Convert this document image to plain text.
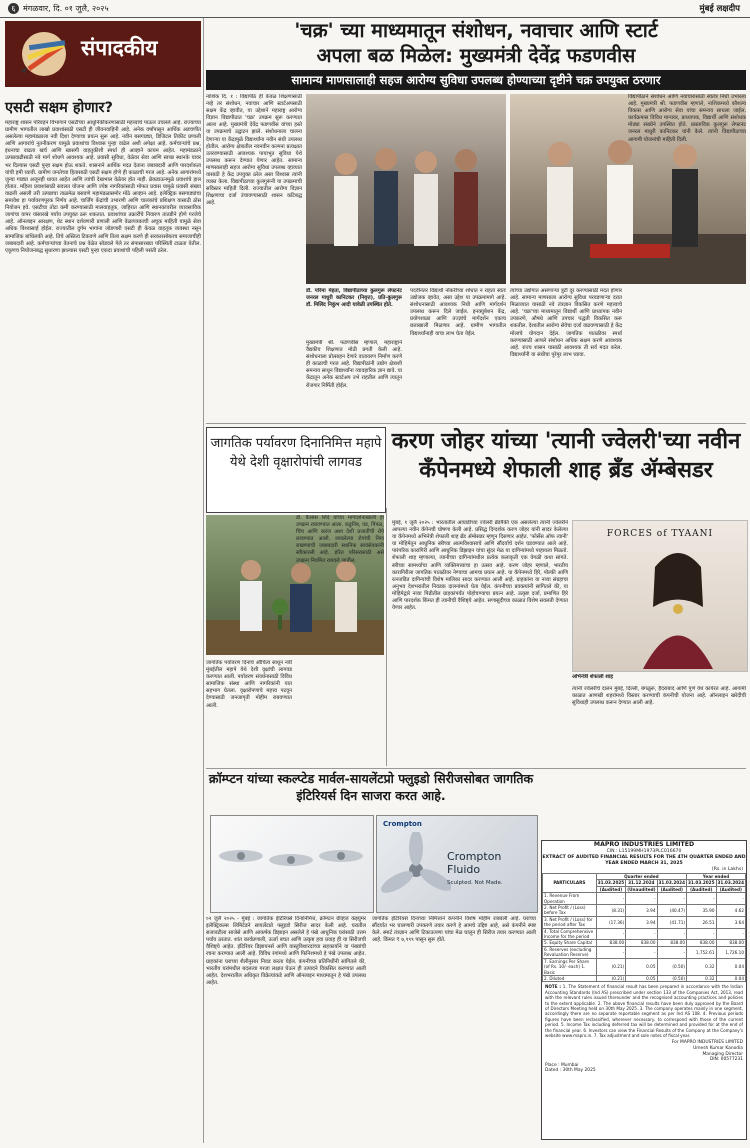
६ मंगळवार, दि. ०१ जुलै, २०२५	मुंबई लक्षदीप
संपादकीय
एसटी सक्षम होणार?
महाराष्ट्र शासन परिवहन विभागाने एसटीच्या आधुनिकीकरणासाठी महत्त्वाचे पाऊल उचलले आहे. राज्याच्या ग्रामीण भागातील लाखो प्रवाशांसाठी एसटी ही जीवनवाहिनी आहे. अनेक वर्षांपासून आर्थिक अडचणीत असलेल्या महामंडळाला नवी दिशा देण्याचा प्रयत्न सुरू आहे. नवीन बसगाड्या, डिजिटल तिकीट प्रणाली आणि आगारांचे नूतनीकरण यामुळे प्रवाशांचा विश्वास पुन्हा वाढेल अशी अपेक्षा आहे. कर्मचाऱ्यांचे प्रश्न, इंधनाचा वाढता खर्च आणि खासगी वाहतुकीशी स्पर्धा ही आव्हाने कायम आहेत. महामंडळाने उत्पन्नवाढीसाठी नवे मार्ग शोधणे आवश्यक आहे. प्रवासी सुविधा, वेळेवर सेवा आणि स्वच्छ स्थानके यावर भर दिल्यास एसटी पुन्हा सक्षम होऊ शकते. शासनाने आर्थिक मदत देताना जबाबदारी आणि पारदर्शकता यांची हमी घ्यावी. ग्रामीण जनतेच्या हितासाठी एसटी सक्षम होणे ही काळाची गरज आहे. अनेक आगारांमध्ये जुन्या गाड्या अजूनही धावत आहेत आणि त्यांची देखभाल वेळेवर होत नाही. ब्रेकडाऊनमुळे प्रवाशांचे हाल होतात. महिला प्रवाशांसाठी सवलत योजना आणि ज्येष्ठ नागरिकांसाठी मोफत प्रवास यामुळे प्रवासी संख्या वाढली असली तरी उत्पन्नाचा ताळमेळ बसवणे महामंडळासमोर मोठे आव्हान आहे. इलेक्ट्रिक बसगाड्यांचा समावेश हा पर्यावरणपूरक निर्णय आहे. चार्जिंग केंद्रांची उभारणी आणि चालकांचे प्रशिक्षण यासाठी ठोस नियोजन हवे. एसटीचा तोटा कमी करण्यासाठी मालवाहतूक, जाहिरात आणि स्थानकांवरील व्यावसायिक जागांचा वापर यांसारखे पर्याय उपयुक्त ठरू शकतात. प्रवाशांच्या तक्रारींचे निवारण तातडीने होणे गरजेचे आहे. ऑनलाइन आरक्षण, थेट स्थान दर्शवणारी प्रणाली आणि वेळापत्रकाची अचूक माहिती यामुळे सेवा अधिक विश्वासार्ह होईल. राज्यातील दुर्गम भागांना जोडणारी एसटी ही केवळ वाहतूक व्यवस्था नसून सामाजिक बांधिलकी आहे. तिचे अस्तित्व टिकवणे आणि तिला सक्षम करणे ही सरकारसोबतच समाजाचीही जबाबदारी आहे. कर्मचाऱ्यांच्या वेतनाचे प्रश्न वेळेत सोडवले गेले तर संपासारख्या परिस्थिती टाळता येतील. एकूणच नियोजनबद्ध सुधारणा झाल्यास एसटी पुन्हा एकदा प्रवाशांची पहिली पसंती ठरेल.
'चक्र' च्या माध्यमातून संशोधन, नवाचार आणि स्टार्ट
अपला बळ मिळेल: मुख्यमंत्री देवेंद्र फडणवीस
सामान्य माणसालाही सहज आरोग्य सुविधा उपलब्ध होण्याच्या दृष्टीने चक्र उपयुक्त ठरणार
नाशिक दि. १ : विद्यापीठे ही केवळ शिक्षणासाठी नव्हे तर संशोधन, नवाचार आणि स्टार्टअपसाठी सक्षम केंद्र व्हावीत, या उद्देशाने महाराष्ट्र आरोग्य विज्ञान विद्यापीठात 'चक्र' उपक्रम सुरू करण्यात आला आहे. मुख्यमंत्री देवेंद्र फडणवीस यांच्या हस्ते या उपक्रमाचे उद्घाटन झाले. संशोधनाला चालना देणाऱ्या या केंद्रामुळे विद्यार्थ्यांना नवीन संधी उपलब्ध होतील. आरोग्य क्षेत्रातील नवनवीन कल्पना प्रत्यक्षात उतरवण्यासाठी आवश्यक पायाभूत सुविधा येथे उपलब्ध करून देण्यात येणार आहेत. सामान्य माणसालाही सहज आरोग्य सुविधा उपलब्ध व्हाव्यात यासाठी हे केंद्र उपयुक्त ठरेल असा विश्वास त्यांनी व्यक्त केला. विद्यापीठाच्या कुलगुरूंनी या उपक्रमाची सविस्तर माहिती दिली. राज्यातील आरोग्य विज्ञान शिक्षणाचा दर्जा उंचावण्यासाठी शासन कटिबद्ध आहे.
डॉ. परिमा मेहता, विद्यापीठाच्या कुलगुरू लेफ्टनंट जनरल माधुरी कानिटकर (निवृत्त), प्रति-कुलगुरू डॉ. मिलिंद निकुंभ आदी यावेळी उपस्थित होते.
मुख्यमंत्री श्री. फडणवीस म्हणाले, महाराष्ट्राने वैद्यकीय शिक्षणात मोठी प्रगती केली आहे. संशोधनाला प्रोत्साहन देणारे वातावरण निर्माण करणे ही काळाची गरज आहे. विद्यापीठांनी उद्योग क्षेत्राशी समन्वय साधून विद्यार्थ्यांना व्यावहारिक ज्ञान द्यावे. या केंद्रातून अनेक स्टार्टअप उभे राहतील आणि त्यातून रोजगार निर्मिती होईल.
पदवीनंतर विद्यार्थी नोकरीच्या शोधात न राहता स्वतः उद्योजक व्हावेत, असा उद्देश या उपक्रमामागे आहे. संशोधनासाठी आवश्यक निधी आणि मार्गदर्शन उपलब्ध करून दिले जाईल. इनक्युबेशन केंद्र, प्रयोगशाळा आणि तज्ज्ञांचे मार्गदर्शन एकाच छताखाली मिळणार आहे. ग्रामीण भागातील विद्यार्थ्यांनाही याचा लाभ घेता येईल.
त्यांच्या उद्योगात असणाऱ्या त्रुटी दूर करण्यासाठी मदत होणार आहे. सामान्य माणसाला आरोग्य सुविधा परवडणाऱ्या दरात मिळाव्यात यासाठी नवे तंत्रज्ञान विकसित करणे महत्त्वाचे आहे. 'चक्र'च्या माध्यमातून विद्यार्थी आणि प्राध्यापक नवीन उपकरणे, औषधे आणि उपचार पद्धती विकसित करू शकतील. देशातील आरोग्य सेवेचा दर्जा वाढवण्यासाठी हे केंद्र मोलाचे योगदान देईल. जागतिक पातळीवर स्पर्धा करण्यासाठी आपले संशोधन अधिक सक्षम करणे आवश्यक आहे. राज्य शासन यासाठी आवश्यक ती सर्व मदत करेल. विद्यार्थ्यांनी या संधीचा पुरेपूर लाभ घ्यावा.
विद्यापीठाने संशोधन आणि नवाचारासाठी स्वतंत्र निधी उभारला आहे. मुख्यमंत्री श्री. फडणवीस म्हणाले, नाशिकमध्ये कौशल्य विकास आणि आरोग्य सेवा यांचा समन्वय साधला जाईल. कार्यक्रमास विविध मान्यवर, प्राध्यापक, विद्यार्थी आणि संशोधक मोठ्या संख्येने उपस्थित होते. प्रास्ताविक कुलगुरू लेफ्टनंट जनरल माधुरी कानिटकर यांनी केले. त्यांनी विद्यापीठाच्या आगामी योजनांची माहिती दिली.
जागतिक पर्यावरण दिनानिमित्त महापे येथे देशी वृक्षारोपांची लागवड
जागतिक पर्यावरण दिनाचे औचित्य साधून नवी मुंबईतील महापे येथे देशी वृक्षांची लागवड करण्यात आली. पर्यावरण संवर्धनासाठी विविध सामाजिक संस्था आणि नागरिकांनी यात सहभाग घेतला. वृक्षारोपणाचे महत्त्व पटवून देण्यासाठी जनजागृती मोहीम राबवण्यात आली.
डॉ. कैलास शिंदे यांच्या मार्गदर्शनाखाली हा उपक्रम राबवण्यात आला. कडुनिंब, वड, पिंपळ, चिंच आणि करंज अशा देशी प्रजातींची रोपे लावण्यात आली. लावलेल्या रोपांची निगा राखण्याची जबाबदारी स्थानिक स्वयंसेवकांनी स्वीकारली आहे. हरित परिसरासाठी असे उपक्रम नियमित राबवले जातील.
करण जोहर यांच्या 'त्यानी ज्वेलरी'च्या नवीन कँपेनमध्ये शेफाली शाह ब्रँड ॲम्बेसडर
मुंबई, १ जुलै २०२५ : भारतातील आघाडीच्या ज्वेलरी ब्रँडपैकी एक असलेल्या त्यानी ज्वेलरीने आपल्या नवीन कँपेनची घोषणा केली आहे. प्रसिद्ध दिग्दर्शक करण जोहर यांनी सादर केलेल्या या कँपेनमध्ये अभिनेत्री शेफाली शाह ब्रँड ॲम्बेसडर म्हणून दिसणार आहेत. 'फोर्सेस ऑफ त्यानी' या मोहिमेतून आधुनिक स्त्रीच्या आत्मविश्वासाचे आणि सौंदर्याचे दर्शन घडवण्यात आले आहे. पारंपरिक कारागिरी आणि आधुनिक डिझाइन यांचा सुंदर मेळ या दागिन्यांमध्ये पाहायला मिळतो. शेफाली शाह म्हणाल्या, त्यानीच्या दागिन्यांमधील प्रत्येक कलाकृती एक वेगळी कथा सांगते. स्त्रीच्या सामर्थ्याचा आणि व्यक्तिमत्त्वाचा हा उत्सव आहे. करण जोहर म्हणाले, भारतीय कारागिरीला जागतिक पातळीवर नेण्याचा आमचा प्रयत्न आहे. या कँपेनमध्ये हिरे, पोल्की आणि रत्नजडित दागिन्यांची विशेष मालिका सादर करण्यात आली आहे. ग्राहकांना या नव्या संग्रहाचा अनुभव देशभरातील निवडक दालनांमध्ये घेता येईल. कंपनीच्या प्रवक्त्यांनी सांगितले की, या मोहिमेद्वारे नव्या पिढीतील ग्राहकांपर्यंत पोहोचण्याचा प्रयत्न आहे. उत्कृष्ट दर्जा, प्रमाणित हिरे आणि पारदर्शक किंमत ही त्यानीची वैशिष्ट्ये आहेत. सणासुदीच्या काळात विशेष सवलती देण्यात येणार आहेत.
FORCES of TYAANI
अभिनेत्री शेफाली शाह
त्यानी ज्वेलरीचे दालन मुंबई, दिल्ली, बंगळुरू, हैदराबाद आणि पुणे येथे कार्यरत आहे. आगामी काळात आणखी शहरांमध्ये विस्तार करण्याची कंपनीची योजना आहे. ऑनलाइन खरेदीची सुविधाही उपलब्ध करून देण्यात आली आहे.
क्रॉम्प्टन यांच्या स्कल्प्टेड मार्वल-सायलेंटप्रो फ्लुइडो सिरीजसोबत जागतिक इंटिरियर्स दिन साजरा करत आहे.
Crompton
Crompton Fluido
Sculpted. Not Made.
०२ जुलै २०२५ - मुंबई : जागतिक इंटिरियर्स दिनानिमित्त, क्रॉम्प्टन ग्रीव्हज कंझ्युमर इलेक्ट्रिकल्स लिमिटेडने सायलेंटप्रो फ्लुइडो सिरीज सादर केली आहे. घरातील सजावटीला साजेसे आणि आकर्षक डिझाइन असलेले हे पंखे आधुनिक घरांसाठी उत्तम पर्याय ठरतात. शांत कार्यप्रणाली, ऊर्जा बचत आणि उत्कृष्ट हवा प्रवाह ही या सिरीजची वैशिष्ट्ये आहेत. इंटिरियर डिझायनर्स आणि वास्तुविशारदांच्या सहकार्याने या पंख्यांची रचना करण्यात आली आहे. विविध रंगांमध्ये आणि फिनिशमध्ये हे पंखे उपलब्ध आहेत. ग्राहकांना घराच्या शैलीनुसार निवड करता येईल. कंपनीच्या प्रतिनिधींनी सांगितले की, भारतीय घरांमधील बदलत्या गरजा लक्षात घेऊन ही उत्पादने विकसित करण्यात आली आहेत. देशभरातील अधिकृत विक्रेत्यांकडे आणि ऑनलाइन माध्यमातून हे पंखे उपलब्ध आहेत.
जागतिक इंटिरियर्स दिनाच्या निमित्ताने कंपनीने विशेष मोहीम राबवली आहे. घराच्या सौंदर्यात भर घालणारी उपकरणे तयार करणे हे आमचे उद्दिष्ट आहे, असे कंपनीने स्पष्ट केले. स्मार्ट तंत्रज्ञान आणि टिकाऊपणा यांचा मेळ घालून ही सिरीज तयार करण्यात आली आहे. किंमत ₹ ७,९९९ पासून सुरू होते.
MAPRO INDUSTRIES LIMITED
CIN : L15199MH1973PLC016670
EXTRACT OF AUDITED FINANCIAL RESULTS FOR THE 4TH QUARTER ENDED AND YEAR ENDED MARCH 31, 2025
(Rs. in Lakhs)
PARTICULARS	Quarter ended			Year ended	
	31.03.2025	31.12.2024	31.03.2024	31.03.2025	31.03.2024
	(Audited)	(Unaudited)	(Audited)	(Audited)	(Audited)
1. Revenue From Operation	-	-	-	-	-
2. Net Profit / (Loss) before Tax	(8.31)	3.94	(40.47)	35.90	4.62
3. Net Profit / (Loss) for the period after Tax	(17.36)	3.94	(41.71)	26.51	3.64
4. Total Comprehensive Income for the period	-	-	-	-	-
5. Equity Share Capital	838.00	838.00	838.00	838.00	838.00
6. Reserves (excluding Revaluation Reserve)	-	-	-	1,752.61	1,726.10
7. Earnings Per Share (of Rs. 10/- each) 1. Basic	(0.21)	0.05	(0.50)	0.32	0.04
2. Diluted	(0.21)	0.05	(0.50)	0.32	0.04
NOTE : 1. The Statement of financial result has been prepared in accordance with the Indian Accounting Standards (Ind AS) prescribed under section 133 of the Companies Act, 2013, read with the relevant rules issued thereunder and the recognised accounting practices and policies to the extent applicable. 2. The above financial results have been duly approved by the Board of Directors Meeting held on 30th May 2025. 3. The company operates mainly in one segment, accordingly there are no separate reportable segment as per Ind AS 108. 4. Previous periods figures have been reclassified, wherever necessary, to correspond with those of the current period. 5. Income Tax including deferred tax will be determined and provided for at the end of the financial year. 6. Investors can view the Financial Results of the Company at the Company's website www.mapro.in. 7. Tax adjustment and sole notes of fiscal year.
For MAPRO INDUSTRIES LIMITED
Umesh Kumar Kanodia
Managing Director
DIN: 00577231
Place : Mumbai
Dated : 30th May 2025
